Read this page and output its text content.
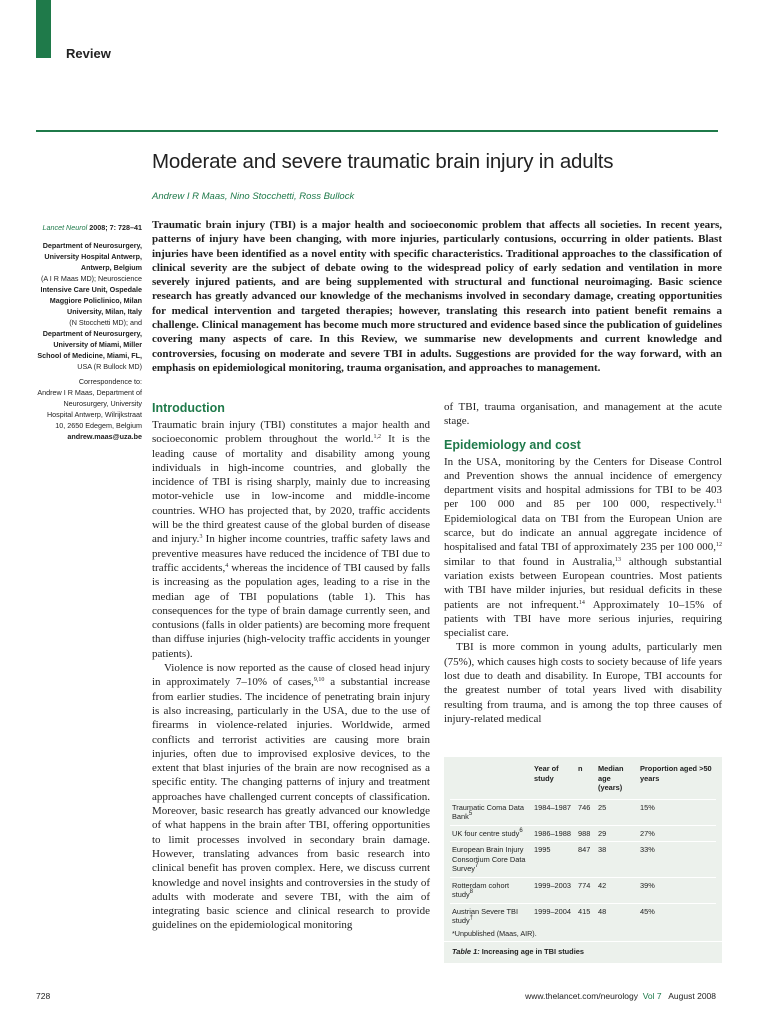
Review
Moderate and severe traumatic brain injury in adults
Andrew I R Maas, Nino Stocchetti, Ross Bullock

Lancet Neurol 2008; 7: 728–41

Department of Neurosurgery,

University Hospital Antwerp,

Antwerp, Belgium

(A I R Maas MD); Neuroscience

Intensive Care Unit, Ospedale

Maggiore Policlinico, Milan

University, Milan, Italy

(N Stocchetti MD); and

Department of Neurosurgery,

University of Miami, Miller

School of Medicine, Miami, FL,

USA (R Bullock MD)

Correspondence to:

Andrew I R Maas, Department of

Neurosurgery, University

Hospital Antwerp, Wilrijkstraat

10, 2650 Edegem, Belgium

andrew.maas@uza.be

Traumatic brain injury (TBI) is a major health and socioeconomic problem that affects all societies. In recent years, patterns of injury have been changing, with more injuries, particularly contusions, occurring in older patients. Blast injuries have been identified as a novel entity with specific characteristics. Traditional approaches to the classification of clinical severity are the subject of debate owing to the widespread policy of early sedation and ventilation in more severely injured patients, and are being supplemented with structural and functional neuroimaging. Basic science research has greatly advanced our knowledge of the mechanisms involved in secondary damage, creating opportunities for medical intervention and targeted therapies; however, translating this research into patient benefit remains a challenge. Clinical management has become much more structured and evidence based since the publication of guidelines covering many aspects of care. In this Review, we summarise new developments and current knowledge and controversies, focusing on moderate and severe TBI in adults. Suggestions are provided for the way forward, with an emphasis on epidemiological monitoring, trauma organisation, and approaches to management.

Introduction

Traumatic brain injury (TBI) constitutes a major health and socioeconomic problem throughout the world.$^{1,2}$ It is the leading cause of mortality and disability among young individuals in high-income countries, and globally the incidence of TBI is rising sharply, mainly due to increasing motor-vehicle use in low-income and middle-income countries. WHO has projected that, by 2020, traffic accidents will be the third greatest cause of the global burden of disease and injury.$^3$ In higher income countries, traffic safety laws and preventive measures have reduced the incidence of TBI due to traffic accidents,$^4$ whereas the incidence of TBI caused by falls is increasing as the population ages, leading to a rise in the median age of TBI populations (table 1). This has consequences for the type of brain damage currently seen, and contusions (falls in older patients) are becoming more frequent than diffuse injuries (high-velocity traffic accidents in younger patients).

Violence is now reported as the cause of closed head injury in approximately 7–10% of cases,$^{9,10}$ a substantial increase from earlier studies. The incidence of penetrating brain injury is also increasing, particularly in the USA, due to the use of firearms in violence-related injuries. Worldwide, armed conflicts and terrorist activities are causing more brain injuries, often due to improvised explosive devices, to the extent that blast injuries of the brain are now recognised as a specific entity. The changing patterns of injury and treatment approaches have challenged current concepts of classification. Moreover, basic research has greatly advanced our knowledge of what happens in the brain after TBI, offering opportunities to limit processes involved in secondary brain damage. However, translating advances from basic research into clinical benefit has proven complex. Here, we discuss current knowledge and novel insights and controversies in the study of adults with moderate and severe TBI, with the aim of integrating basic science and clinical research to provide guidelines on the epidemiological monitoring

of TBI, trauma organisation, and management at the acute stage.

Epidemiology and cost

In the USA, monitoring by the Centers for Disease Control and Prevention shows the annual incidence of emergency department visits and hospital admissions for TBI to be 403 per 100 000 and 85 per 100 000, respectively.$^{11}$ Epidemiological data on TBI from the European Union are scarce, but do indicate an annual aggregate incidence of hospitalised and fatal TBI of approximately 235 per 100 000,12 similar to that found in Australia,$^{13}$ although substantial variation exists between European countries. Most patients with TBI have milder injuries, but residual deficits in these patients are not infrequent.$^{14}$ Approximately 10–15% of patients with TBI have more serious injuries, requiring specialist care.

TBI is more common in young adults, particularly men (75%), which causes high costs to society because of life years lost due to death and disability. In Europe, TBI accounts for the greatest number of total years lived with disability resulting from trauma, and is among the top three causes of injury-related medical

	Year of study	n	Median age (years)	Proportion aged >50 years
Traumatic Coma Data Bank$^5$	1984–1987	746	25	15%
UK four centre study$^6$	1986–1988	988	29	27%
European Brain Injury Consortium Core Data Survey$^7$	1995	847	38	33%
Rotterdam cohort study$^8$	1999–2003	774	42	39%
Austrian Severe TBI study†	1999–2004	415	48	45%
*Unpublished (Maas, AIR).
Table 1: Increasing age in TBI studies
728	www.thelancet.com/neurology Vol 7 August 2008
